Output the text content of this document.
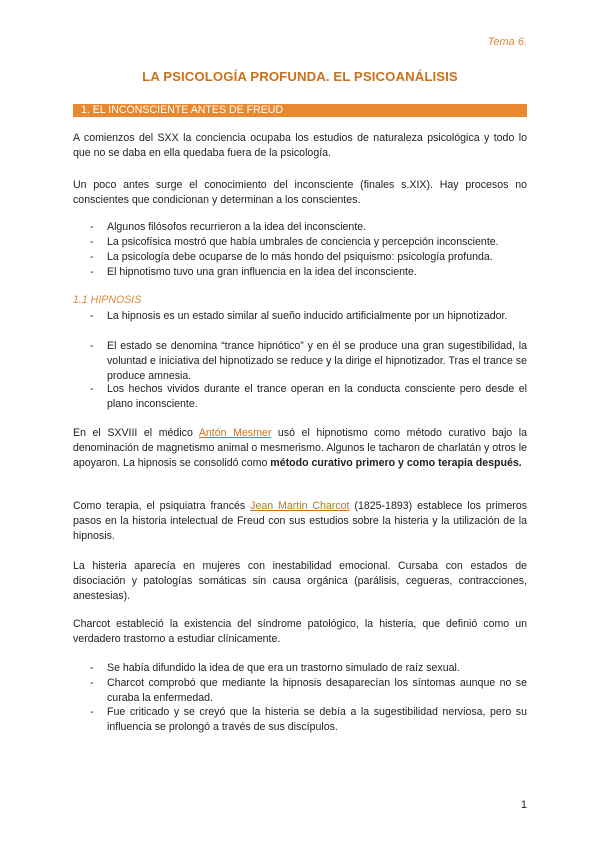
Tema 6.
LA PSICOLOGÍA PROFUNDA. EL PSICOANÁLISIS
1. EL INCONSCIENTE ANTES DE FREUD
A comienzos del SXX la conciencia ocupaba los estudios de naturaleza psicológica y todo lo que no se daba en ella quedaba fuera de la psicología.
Un poco antes surge el conocimiento del inconsciente (finales s.XIX). Hay procesos no conscientes que condicionan y determinan a los conscientes.
- Algunos filósofos recurrieron a la idea del inconsciente.
- La psicofísica mostró que había umbrales de conciencia y percepción inconsciente.
- La psicología debe ocuparse de lo más hondo del psiquismo: psicología profunda.
- El hipnotismo tuvo una gran influencia en la idea del inconsciente.
1.1 HIPNOSIS
- La hipnosis es un estado similar al sueño inducido artificialmente por un hipnotizador.
- El estado se denomina “trance hipnótico” y en él se produce una gran sugestibilidad, la voluntad e iniciativa del hipnotizado se reduce y la dirige el hipnotizador. Tras el trance se produce amnesia.
- Los hechos vividos durante el trance operan en la conducta consciente pero desde el plano inconsciente.
En el SXVIII el médico Antón Mesmer usó el hipnotismo como método curativo bajo la denominación de magnetismo animal o mesmerismo. Algunos le tacharon de charlatán y otros le apoyaron. La hipnosis se consolidó como método curativo primero y como terapia después.
Como terapia, el psiquiatra francés Jean Martin Charcot (1825-1893) establece los primeros pasos en la historia intelectual de Freud con sus estudios sobre la histeria y la utilización de la hipnosis.
La histeria aparecía en mujeres con inestabilidad emocional. Cursaba con estados de disociación y patologías somáticas sin causa orgánica (parálisis, cegueras, contracciones, anestesias).
Charcot estableció la existencia del síndrome patológico, la histeria, que definió como un verdadero trastorno a estudiar clínicamente.
- Se había difundido la idea de que era un trastorno simulado de raíz sexual.
- Charcot comprobó que mediante la hipnosis desaparecían los síntomas aunque no se curaba la enfermedad.
- Fue criticado y se creyó que la histeria se debía a la sugestibilidad nerviosa, pero su influencia se prolongó a través de sus discípulos.
1
